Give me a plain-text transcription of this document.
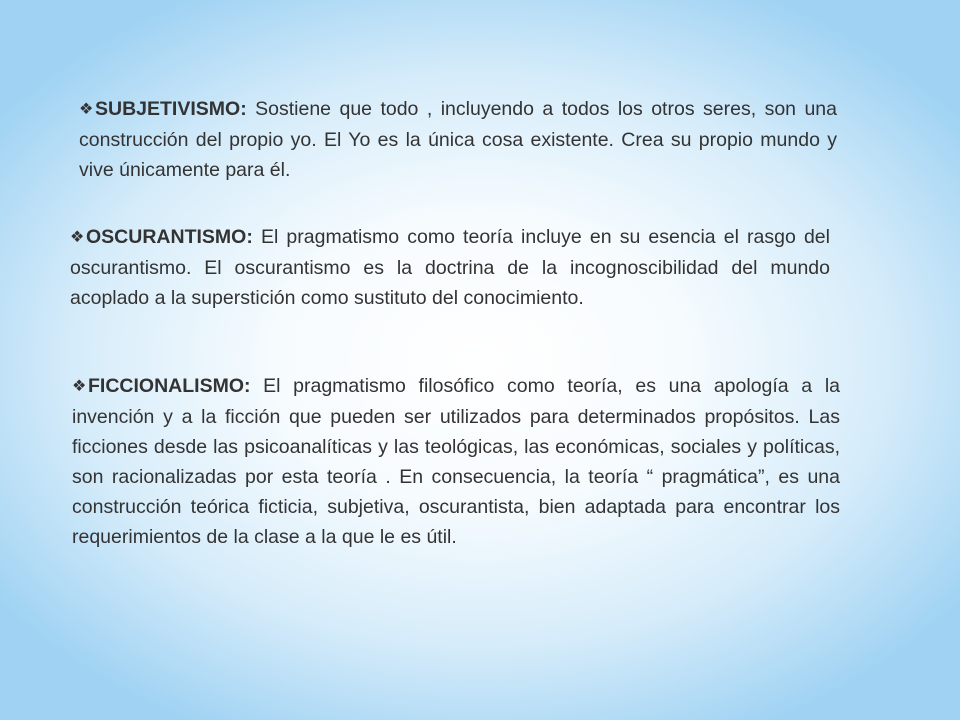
❖SUBJETIVISMO: Sostiene que todo , incluyendo a todos los otros seres, son una construcción del propio yo. El Yo es la única cosa existente. Crea su propio mundo y vive únicamente para él.

❖OSCURANTISMO: El pragmatismo como teoría incluye en su esencia el rasgo del oscurantismo. El oscurantismo es la doctrina de la incognoscibilidad del mundo acoplado a la superstición como sustituto del conocimiento.

❖FICCIONALISMO: El pragmatismo filosófico como teoría, es una apología a la invención y a la ficción que pueden ser utilizados para determinados propósitos. Las ficciones desde las psicoanalíticas y las teológicas, las económicas, sociales y políticas, son racionalizadas por esta teoría . En consecuencia, la teoría “ pragmática”, es una construcción teórica ficticia, subjetiva, oscurantista, bien adaptada para encontrar los requerimientos de la clase a la que le es útil.
